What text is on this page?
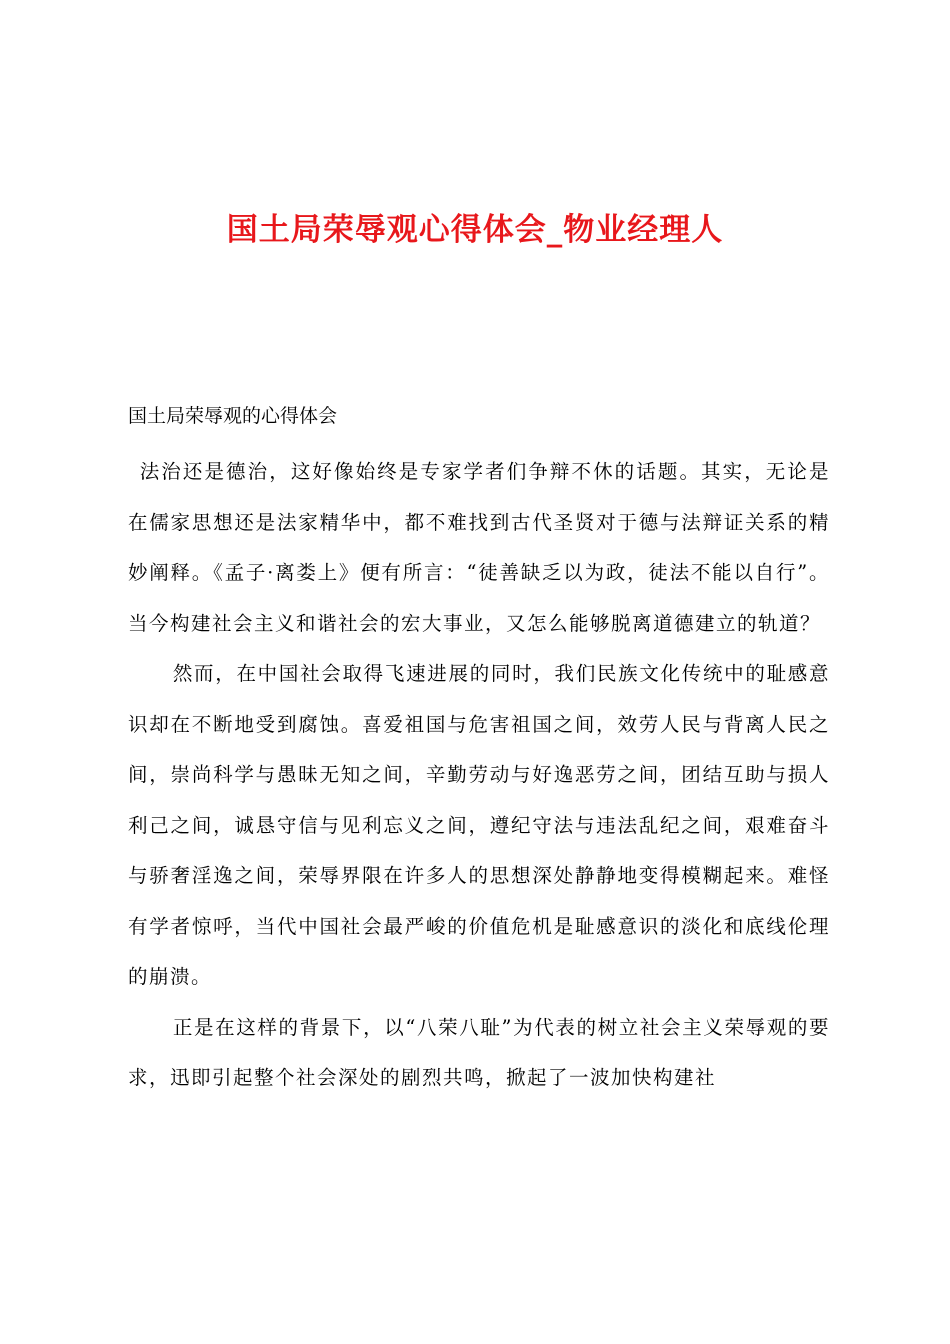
国土局荣辱观心得体会_物业经理人
国土局荣辱观的心得体会

法治还是德治，这好像始终是专家学者们争辩不休的话题。其实，无论是在儒家思想还是法家精华中，都不难找到古代圣贤对于德与法辩证关系的精妙阐释。《孟子·离娄上》便有所言：“徒善缺乏以为政，徒法不能以自行”。当今构建社会主义和谐社会的宏大事业，又怎么能够脱离道德建立的轨道？

然而，在中国社会取得飞速进展的同时，我们民族文化传统中的耻感意识却在不断地受到腐蚀。喜爱祖国与危害祖国之间，效劳人民与背离人民之间，崇尚科学与愚昧无知之间，辛勤劳动与好逸恶劳之间，团结互助与损人利己之间，诚恳守信与见利忘义之间，遵纪守法与违法乱纪之间，艰难奋斗与骄奢淫逸之间，荣辱界限在许多人的思想深处静静地变得模糊起来。难怪有学者惊呼，当代中国社会最严峻的价值危机是耻感意识的淡化和底线伦理的崩溃。

正是在这样的背景下，以“八荣八耻”为代表的树立社会主义荣辱观的要求，迅即引起整个社会深处的剧烈共鸣，掀起了一波加快构建社
